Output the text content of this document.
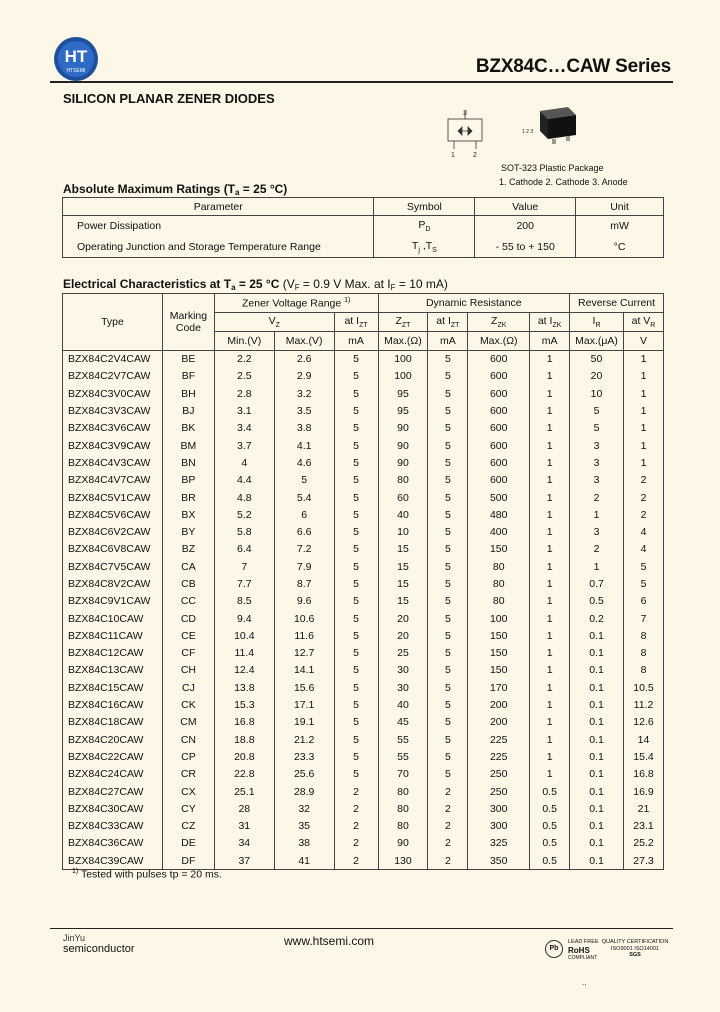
HT
HTSEMI	BZX84C…CAW Series
SILICON PLANAR ZENER DIODES
3
1	2
1 2 3
SOT-323 Plastic Package
1. Cathode 2. Cathode 3. Anode
Absolute Maximum Ratings ($T_a = 25$ °C)
Parameter	Symbol	Value	Unit
Power Dissipation	$P_D$	200	mW
Operating Junction and Storage Temperature Range	$T_j$ $,T_S$	- 55 to + 150	°C
Electrical Characteristics at $T_a = 25$ °C ($V_F = 0.9$ V Max. at $I_F = 10$ mA)
Type	Marking Code	Zener Voltage Range $^{1)}$			Dynamic Resistance				Reverse Current	
		$V_Z$		at $I_{ZT}$	$Z_{ZT}$	at $I_{ZT}$	$Z_{ZK}$	at $I_{ZK}$	$I_R$	at $V_R$
		Min.(V)	Max.(V)	mA	Max.(Ω)	mA	Max.(Ω)	mA	Max.(μA)	V
BZX84C2V4CAW	BE	2.2	2.6	5	100	5	600	1	50	1
BZX84C2V7CAW	BF	2.5	2.9	5	100	5	600	1	20	1
BZX84C3V0CAW	BH	2.8	3.2	5	95	5	600	1	10	1
BZX84C3V3CAW	BJ	3.1	3.5	5	95	5	600	1	5	1
BZX84C3V6CAW	BK	3.4	3.8	5	90	5	600	1	5	1
BZX84C3V9CAW	BM	3.7	4.1	5	90	5	600	1	3	1
BZX84C4V3CAW	BN	4	4.6	5	90	5	600	1	3	1
BZX84C4V7CAW	BP	4.4	5	5	80	5	600	1	3	2
BZX84C5V1CAW	BR	4.8	5.4	5	60	5	500	1	2	2
BZX84C5V6CAW	BX	5.2	6	5	40	5	480	1	1	2
BZX84C6V2CAW	BY	5.8	6.6	5	10	5	400	1	3	4
BZX84C6V8CAW	BZ	6.4	7.2	5	15	5	150	1	2	4
BZX84C7V5CAW	CA	7	7.9	5	15	5	80	1	1	5
BZX84C8V2CAW	CB	7.7	8.7	5	15	5	80	1	0.7	5
BZX84C9V1CAW	CC	8.5	9.6	5	15	5	80	1	0.5	6
BZX84C10CAW	CD	9.4	10.6	5	20	5	100	1	0.2	7
BZX84C11CAW	CE	10.4	11.6	5	20	5	150	1	0.1	8
BZX84C12CAW	CF	11.4	12.7	5	25	5	150	1	0.1	8
BZX84C13CAW	CH	12.4	14.1	5	30	5	150	1	0.1	8
BZX84C15CAW	CJ	13.8	15.6	5	30	5	170	1	0.1	10.5
BZX84C16CAW	CK	15.3	17.1	5	40	5	200	1	0.1	11.2
BZX84C18CAW	CM	16.8	19.1	5	45	5	200	1	0.1	12.6
BZX84C20CAW	CN	18.8	21.2	5	55	5	225	1	0.1	14
BZX84C22CAW	CP	20.8	23.3	5	55	5	225	1	0.1	15.4
BZX84C24CAW	CR	22.8	25.6	5	70	5	250	1	0.1	16.8
BZX84C27CAW	CX	25.1	28.9	2	80	2	250	0.5	0.1	16.9
BZX84C30CAW	CY	28	32	2	80	2	300	0.5	0.1	21
BZX84C33CAW	CZ	31	35	2	80	2	300	0.5	0.1	23.1
BZX84C36CAW	DE	34	38	2	90	2	325	0.5	0.1	25.2
BZX84C39CAW	DF	37	41	2	130	2	350	0.5	0.1	27.3
$^{1)}$ Tested with pulses tp = 20 ms.
JinYu
semiconductor
www.htsemi.com
Pb
LEAD FREE
RoHS
COMPLIANT
QUALITY CERTIFICATION
ISO9001 ISO14001
SGS
..
